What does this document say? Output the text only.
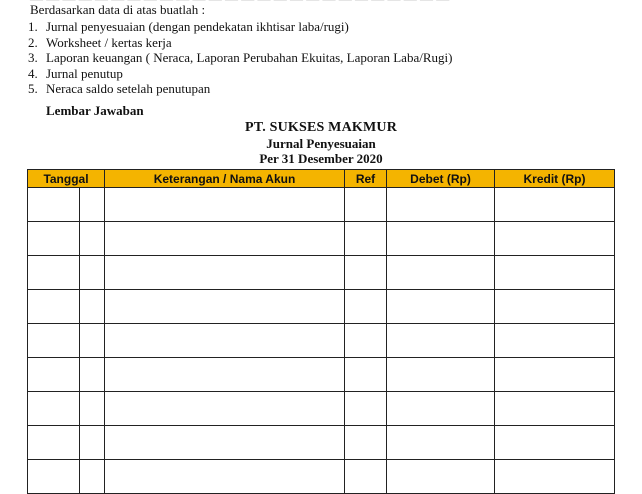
Berdasarkan data di atas buatlah :
1. Jurnal penyesuaian (dengan pendekatan ikhtisar laba/rugi)
2. Worksheet / kertas kerja
3. Laporan keuangan ( Neraca, Laporan Perubahan Ekuitas, Laporan Laba/Rugi)
4. Jurnal penutup
5. Neraca saldo setelah penutupan
Lembar Jawaban
PT. SUKSES MAKMUR
Jurnal Penyesuaian
Per 31 Desember 2020
Tanggal		Keterangan / Nama Akun	Ref	Debet (Rp)	Kredit (Rp)
